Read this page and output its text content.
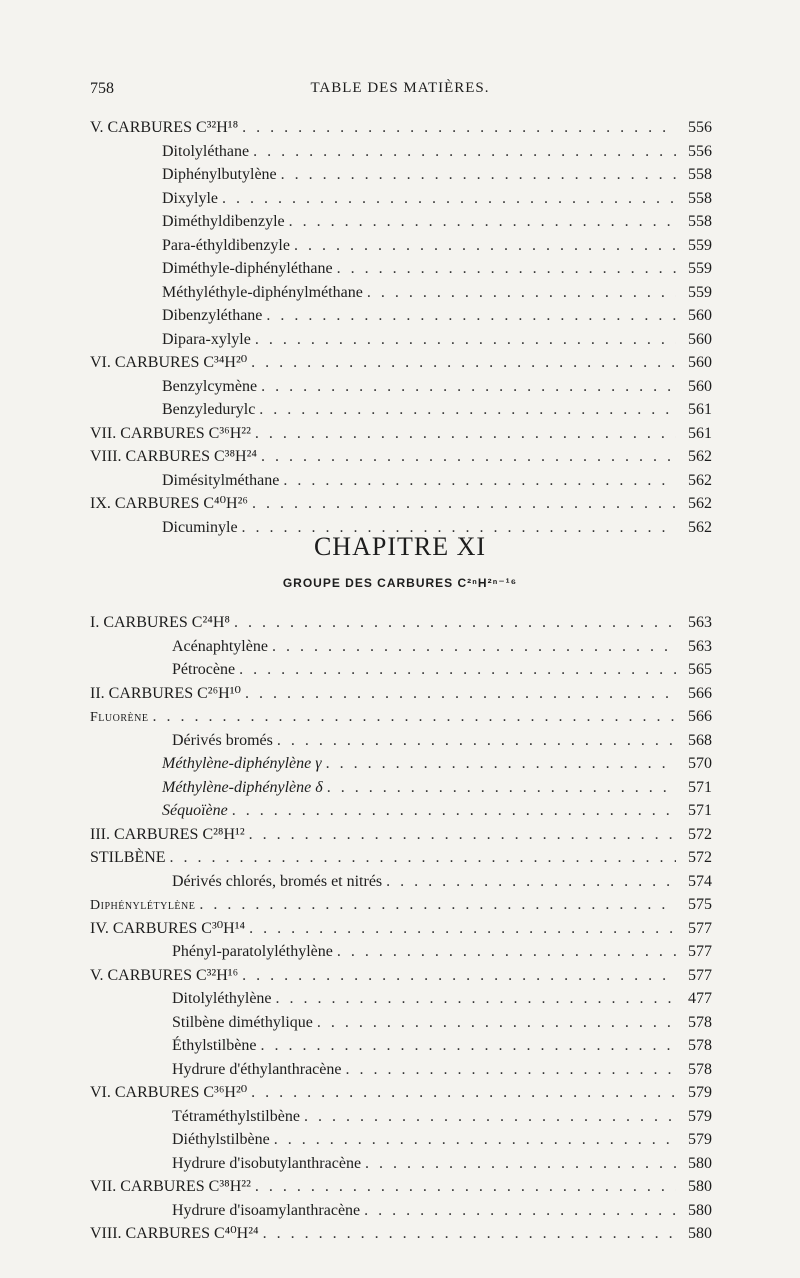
758	TABLE DES MATIÈRES.
V. CARBURES C³²H¹⁸ . . .	556
Ditolyléthane . . .	556
Diphénylbutylène . . .	558
Dixylyle . . .	558
Diméthyldibenzyle . . .	558
Para-éthyldibenzyle . . .	559
Diméthyle-diphényléthane . . .	559
Méthyléthyle-diphénylméthane . . .	559
Dibenzyléthane . . .	560
Dipara-xylyle . . .	560
VI. CARBURES C³⁴H²⁰ . . .	560
Benzylcymène . . .	560
Benzyledurylc . . .	561
VII. CARBURES C³⁶H²² . . .	561
VIII. CARBURES C³⁸H²⁴ . . .	562
Dimésitylméthane . . .	562
IX. CARBURES C⁴⁰H²⁶ . . .	562
Dicuminyle . . .	562
CHAPITRE XI
GROUPE DES CARBURES C²ⁿH²ⁿ⁻¹⁶
I. CARBURES C²⁴H⁸ . . .	563
Acénaphtylène . . .	563
Pétrocène . . .	565
II. CARBURES C²⁶H¹⁰ . . .	566
Fluorène . . .	566
Dérivés bromés . . .	568
Méthylène-diphénylène γ . . .	570
Méthylène-diphénylène δ . . .	571
Séquoïène . . .	571
III. CARBURES C²⁸H¹² . . .	572
STILBÈNE . . .	572
Dérivés chlorés, bromés et nitrés . . .	574
Diphénylétylène . . .	575
IV. CARBURES C³⁰H¹⁴ . . .	577
Phényl-paratolyléthylène . . .	577
V. CARBURES C³²H¹⁶ . . .	577
Ditolyléthylène . . .	477
Stilbène diméthylique . . .	578
Éthylstilbène . . .	578
Hydrure d'éthylanthracène . . .	578
VI. CARBURES C³⁶H²⁰ . . .	579
Tétraméthylstilbène . . .	579
Diéthylstilbène . . .	579
Hydrure d'isobutylanthracène . . .	580
VII. CARBURES C³⁸H²² . . .	580
Hydrure d'isoamylanthracène . . .	580
VIII. CARBURES C⁴⁰H²⁴ . . .	580
